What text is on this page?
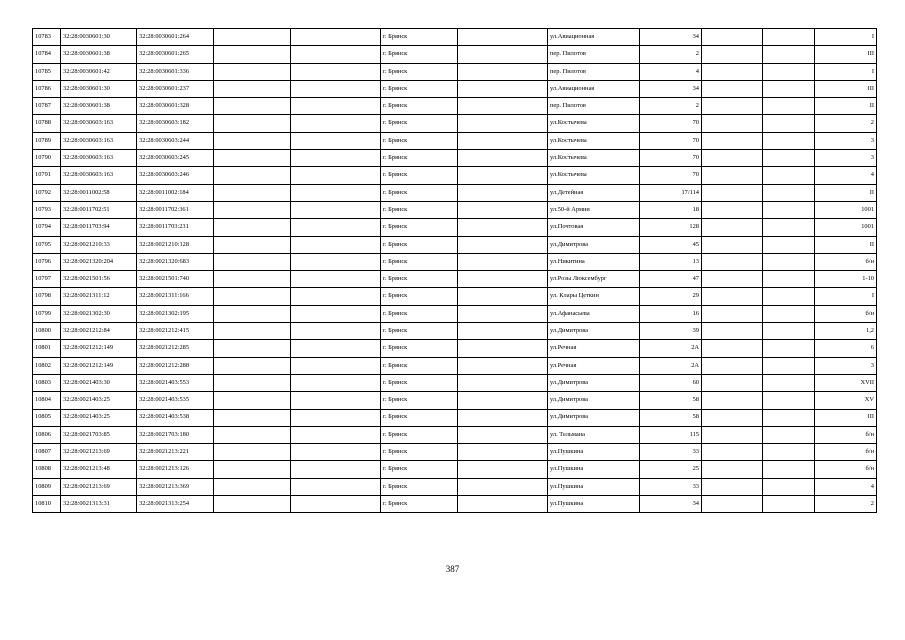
10783	32:28:0030601:30	32:28:0030601:264			г. Брянск		ул.Авиационная	34			I
10784	32:28:0030601:38	32:28:0030601:265			г. Брянск		пер. Пилотов	2			III
10785	32:28:0030601:42	32:28:0030601:336			г. Брянск		пер. Пилотов	4			I
10786	32:28:0030601:30	32:28:0030601:237			г. Брянск		ул.Авиационная	34			III
10787	32:28:0030601:38	32:28:0030601:328			г. Брянск		пер. Пилотов	2			II
10788	32:28:0030603:163	32:28:0030603:182			г. Брянск		ул.Костычева	70			2
10789	32:28:0030603:163	32:28:0030603:244			г. Брянск		ул.Костычева	70			3
10790	32:28:0030603:163	32:28:0030603:245			г. Брянск		ул.Костычева	70			3
10791	32:28:0030603:163	32:28:0030603:246			г. Брянск		ул.Костычева	70			4
10792	32:28:0011002:58	32:28:0011002:184			г. Брянск		ул.Детейная	17/114			II
10793	32:28:0011702:51	32:28:0011702:361			г. Брянск		ул.50-й Армии	18			1001
10794	32:28:0011703:94	32:28:0011703:231			г. Брянск		ул.Почтовая	128			1001
10795	32:28:0021210:33	32:28:0021210:128			г. Брянск		ул.Димитрова	45			II
10796	32:28:0021320:204	32:28:0021320:683			г. Брянск		ул.Никитина	13			б/н
10797	32:28:0021501:56	32:28:0021501:740			г. Брянск		ул.Розы Люксембург	47			1-10
10798	32:28:0021311:12	32:28:0021311:166			г. Брянск		ул. Клары Цеткин	29			I
10799	32:28:0021302:30	32:28:0021302:195			г. Брянск		ул.Афанасьева	16			б/н
10800	32:28:0021212:84	32:28:0021212:415			г. Брянск		ул.Димитрова	39			1,2
10801	32:28:0021212:149	32:28:0021212:285			г. Брянск		ул.Речная	2А			6
10802	32:28:0021212:149	32:28:0021212:288			г. Брянск		ул.Речная	2А			3
10803	32:28:0021403:30	32:28:0021403:553			г. Брянск		ул.Димитрова	60			XVII
10804	32:28:0021403:25	32:28:0021403:535			г. Брянск		ул.Димитрова	58			XV
10805	32:28:0021403:25	32:28:0021403:538			г. Брянск		ул.Димитрова	58			III
10806	32:28:0021703:85	32:28:0021703:180			г. Брянск		ул. Тельмана	115			б/н
10807	32:28:0021213:69	32:28:0021213:221			г. Брянск		ул.Пушкина	33			б/н
10808	32:28:0021213:48	32:28:0021213:126			г. Брянск		ул.Пушкина	25			б/н
10809	32:28:0021213:69	32:28:0021213:369			г. Брянск		ул.Пушкина	33			4
10810	32:28:0021313:31	32:28:0021313:254			г. Брянск		ул.Пушкина	34			2
387
